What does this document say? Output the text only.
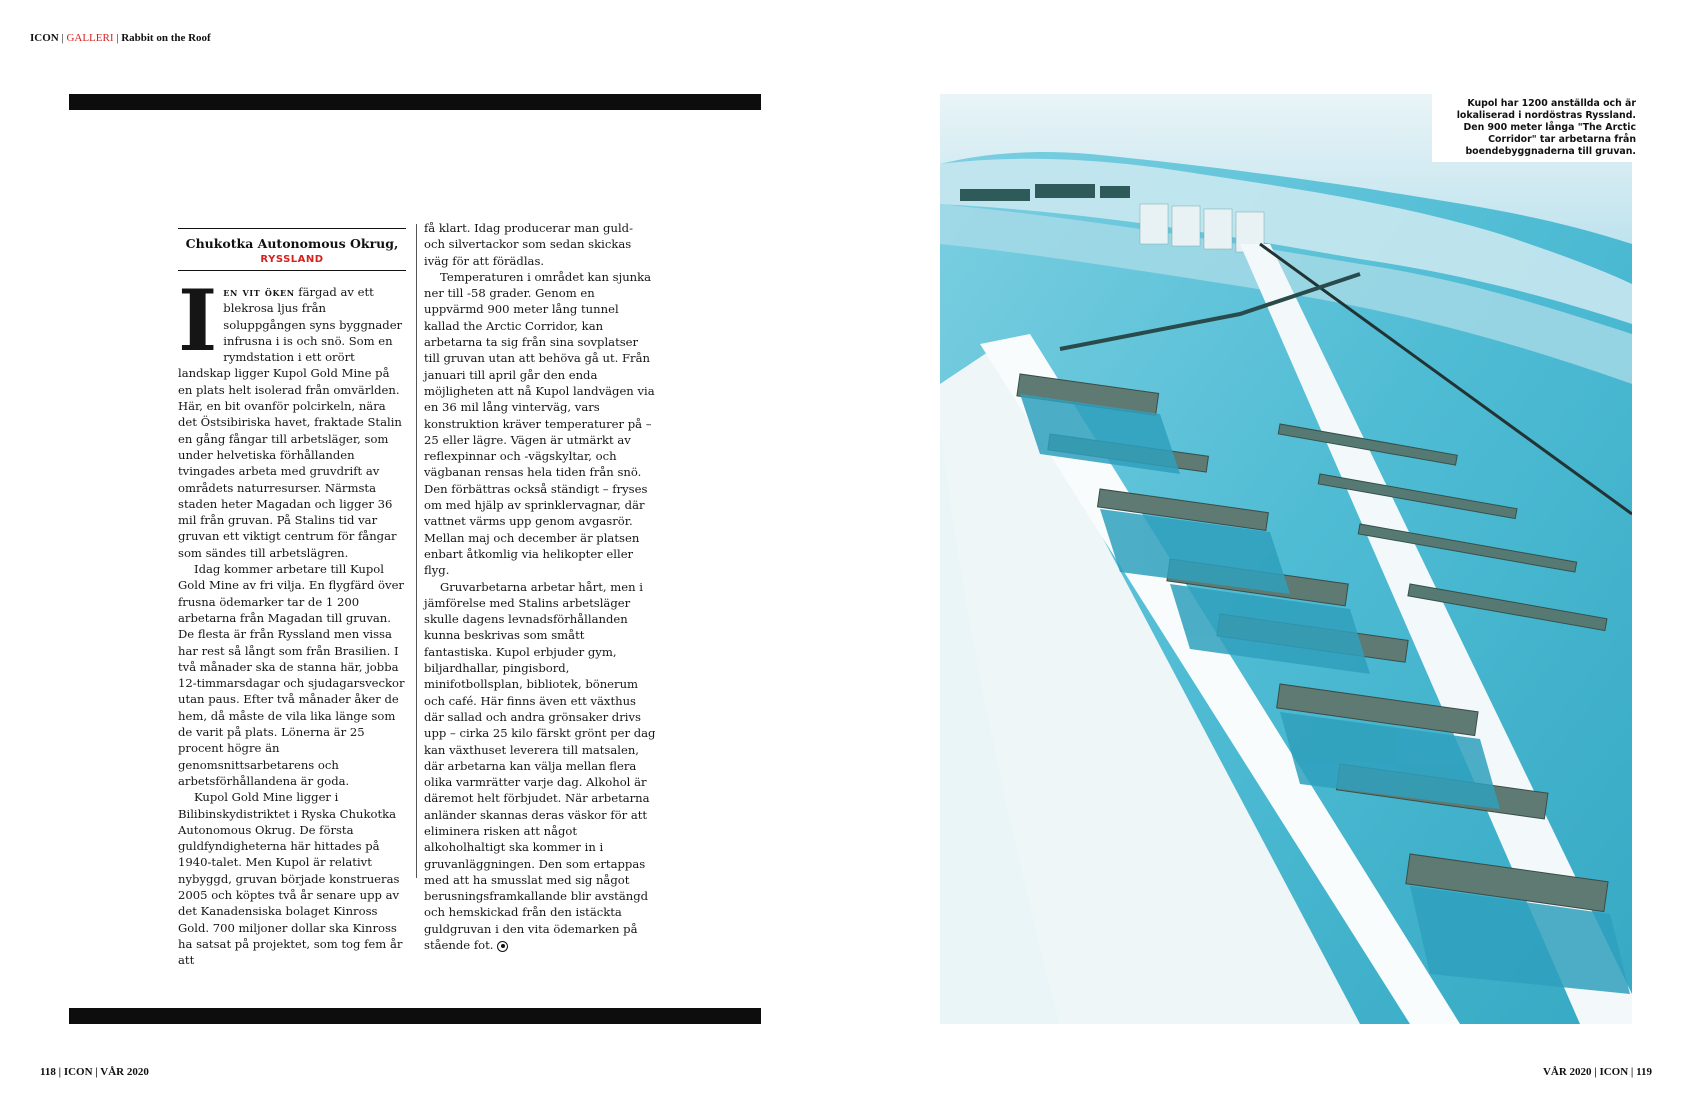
ICON | GALLERI | Rabbit on the Roof
Chukotka Autonomous Okrug,
RYSSLAND
I en vit öken färgad av ett blekrosa ljus från soluppgången syns byggnader infrusna i is och snö. Som en rymdstation i ett orört landskap ligger Kupol Gold Mine på en plats helt isolerad från omvärlden. Här, en bit ovanför polcirkeln, nära det Östsibiriska havet, fraktade Stalin en gång fångar till arbetsläger, som under helvetiska förhållanden tvingades arbeta med gruvdrift av områdets naturresurser. Närmsta staden heter Magadan och ligger 36 mil från gruvan. På Stalins tid var gruvan ett viktigt centrum för fångar som sändes till arbetslägren.

Idag kommer arbetare till Kupol Gold Mine av fri vilja. En flygfärd över frusna ödemarker tar de 1 200 arbetarna från Magadan till gruvan. De flesta är från Ryssland men vissa har rest så långt som från Brasilien. I två månader ska de stanna här, jobba 12-timmarsdagar och sjudagarsveckor utan paus. Efter två månader åker de hem, då måste de vila lika länge som de varit på plats. Lönerna är 25 procent högre än genomsnittsarbetarens och arbetsförhållandena är goda.

Kupol Gold Mine ligger i Bilibinskydistriktet i Ryska Chukotka Autonomous Okrug. De första guldfyndigheterna här hittades på 1940-talet. Men Kupol är relativt nybyggd, gruvan började konstrueras 2005 och köptes två år senare upp av det Kanadensiska bolaget Kinross Gold. 700 miljoner dollar ska Kinross ha satsat på projektet, som tog fem år att

få klart. Idag producerar man guld- och silvertackor som sedan skickas iväg för att förädlas.

Temperaturen i området kan sjunka ner till -58 grader. Genom en uppvärmd 900 meter lång tunnel kallad the Arctic Corridor, kan arbetarna ta sig från sina sovplatser till gruvan utan att behöva gå ut. Från januari till april går den enda möjligheten att nå Kupol landvägen via en 36 mil lång vinterväg, vars konstruktion kräver temperaturer på –25 eller lägre. Vägen är utmärkt av reflexpinnar och -vägskyltar, och vägbanan rensas hela tiden från snö. Den förbättras också ständigt – fryses om med hjälp av sprinklervagnar, där vattnet värms upp genom avgasrör. Mellan maj och december är platsen enbart åtkomlig via helikopter eller flyg.

Gruvarbetarna arbetar hårt, men i jämförelse med Stalins arbetsläger skulle dagens levnadsförhållanden kunna beskrivas som smått fantastiska. Kupol erbjuder gym, biljardhallar, pingisbord, minifotbollsplan, bibliotek, bönerum och café. Här finns även ett växthus där sallad och andra grönsaker drivs upp – cirka 25 kilo färskt grönt per dag kan växthuset leverera till matsalen, där arbetarna kan välja mellan flera olika varmrätter varje dag. Alkohol är däremot helt förbjudet. När arbetarna anländer skannas deras väskor för att eliminera risken att något alkoholhaltigt ska kommer in i gruvanläggningen. Den som ertappas med att ha smusslat med sig något berusningsframkallande blir avstängd och hemskickad från den istäckta guldgruvan i den vita ödemarken på stående fot.

Kupol har 1200 anställda och är lokaliserad i nordöstras Ryssland. Den 900 meter långa "The Arctic Corridor" tar arbetarna från boendebyggnaderna till gruvan.
118 | ICON | VÅR 2020	VÅR 2020 | ICON | 119
